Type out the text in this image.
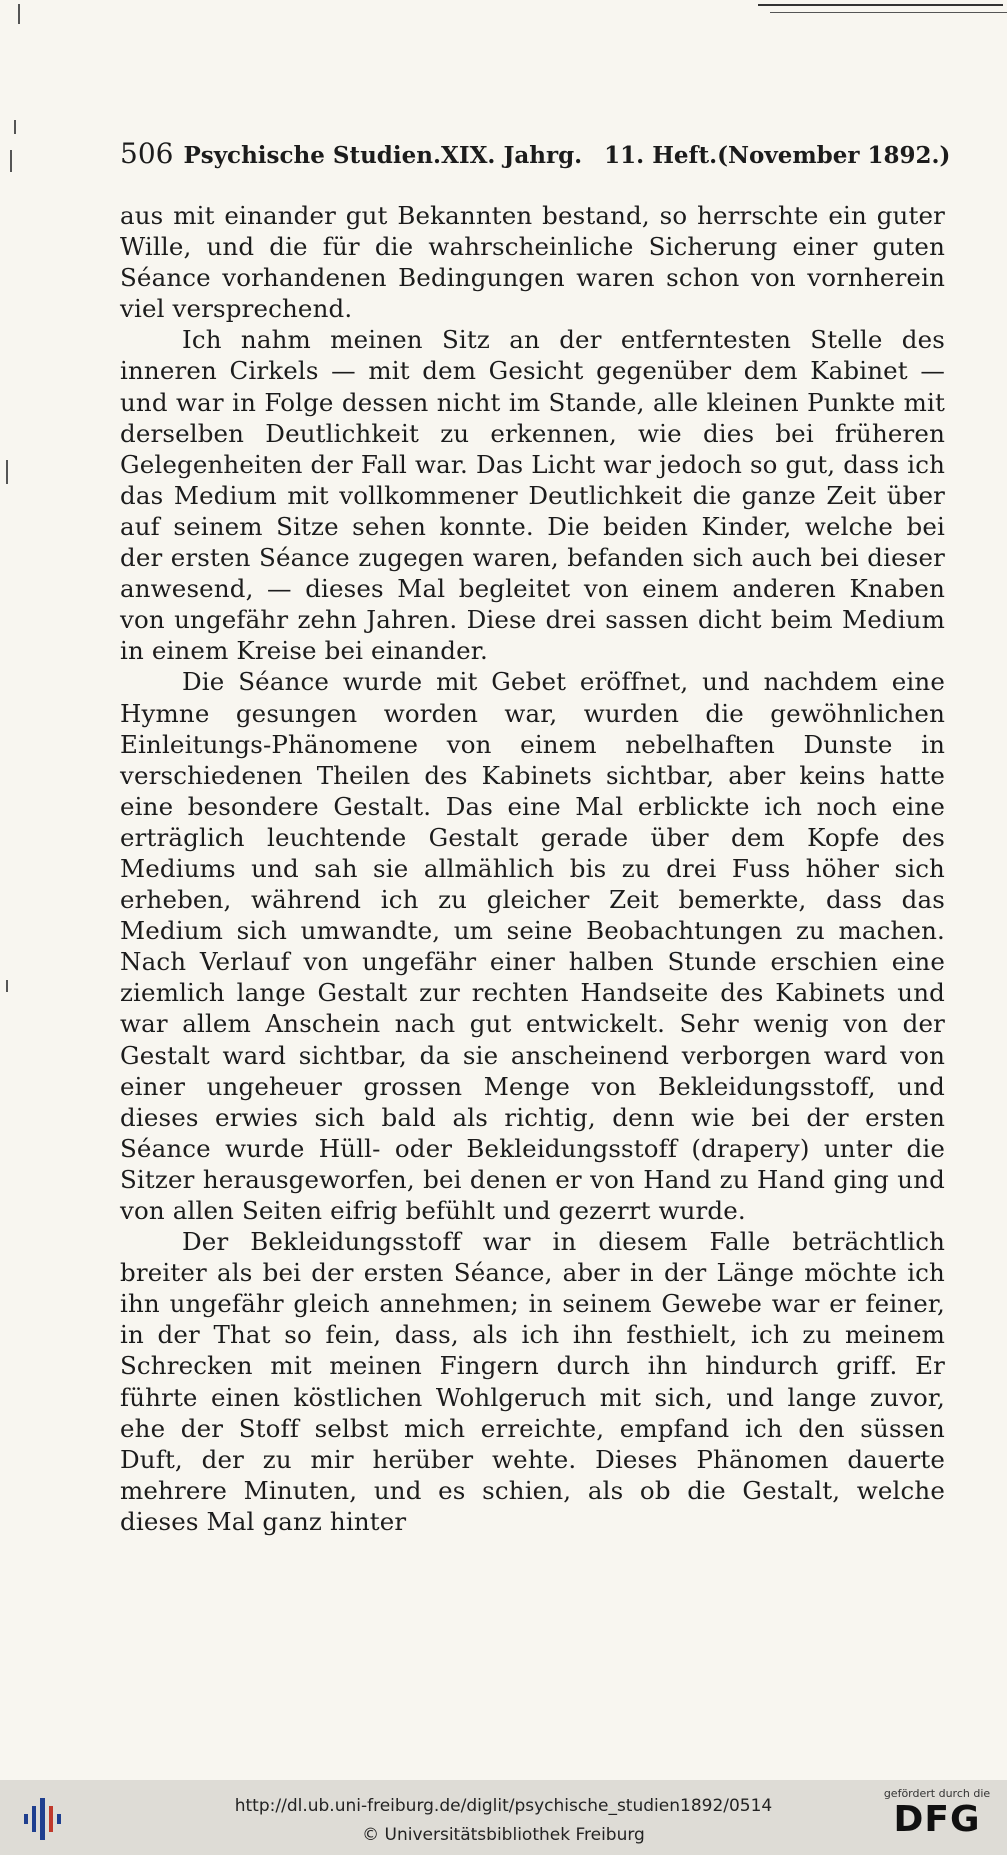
506 Psychische Studien. XIX. Jahrg. 11. Heft. (November 1892.)

aus mit einander gut Bekannten bestand, so herrschte ein guter Wille, und die für die wahrscheinliche Sicherung einer guten Séance vorhandenen Bedingungen waren schon von vornherein viel versprechend.

Ich nahm meinen Sitz an der entferntesten Stelle des inneren Cirkels — mit dem Gesicht gegenüber dem Kabinet — und war in Folge dessen nicht im Stande, alle kleinen Punkte mit derselben Deutlichkeit zu erkennen, wie dies bei früheren Gelegenheiten der Fall war. Das Licht war jedoch so gut, dass ich das Medium mit vollkommener Deutlichkeit die ganze Zeit über auf seinem Sitze sehen konnte. Die beiden Kinder, welche bei der ersten Séance zugegen waren, befanden sich auch bei dieser anwesend, — dieses Mal begleitet von einem anderen Knaben von ungefähr zehn Jahren. Diese drei sassen dicht beim Medium in einem Kreise bei einander.

Die Séance wurde mit Gebet eröffnet, und nachdem eine Hymne gesungen worden war, wurden die gewöhnlichen Einleitungs-Phänomene von einem nebelhaften Dunste in verschiedenen Theilen des Kabinets sichtbar, aber keins hatte eine besondere Gestalt. Das eine Mal erblickte ich noch eine erträglich leuchtende Gestalt gerade über dem Kopfe des Mediums und sah sie allmählich bis zu drei Fuss höher sich erheben, während ich zu gleicher Zeit bemerkte, dass das Medium sich umwandte, um seine Beobachtungen zu machen. Nach Verlauf von ungefähr einer halben Stunde erschien eine ziemlich lange Gestalt zur rechten Handseite des Kabinets und war allem Anschein nach gut entwickelt. Sehr wenig von der Gestalt ward sichtbar, da sie anscheinend verborgen ward von einer ungeheuer grossen Menge von Bekleidungsstoff, und dieses erwies sich bald als richtig, denn wie bei der ersten Séance wurde Hüll- oder Bekleidungsstoff (drapery) unter die Sitzer herausgeworfen, bei denen er von Hand zu Hand ging und von allen Seiten eifrig befühlt und gezerrt wurde.

Der Bekleidungsstoff war in diesem Falle beträchtlich breiter als bei der ersten Séance, aber in der Länge möchte ich ihn ungefähr gleich annehmen; in seinem Gewebe war er feiner, in der That so fein, dass, als ich ihn festhielt, ich zu meinem Schrecken mit meinen Fingern durch ihn hindurch griff. Er führte einen köstlichen Wohlgeruch mit sich, und lange zuvor, ehe der Stoff selbst mich erreichte, empfand ich den süssen Duft, der zu mir herüber wehte. Dieses Phänomen dauerte mehrere Minuten, und es schien, als ob die Gestalt, welche dieses Mal ganz hinter

http://dl.ub.uni-freiburg.de/diglit/psychische_studien1892/0514
© Universitätsbibliothek Freiburg
gefördert durch die
DFG
